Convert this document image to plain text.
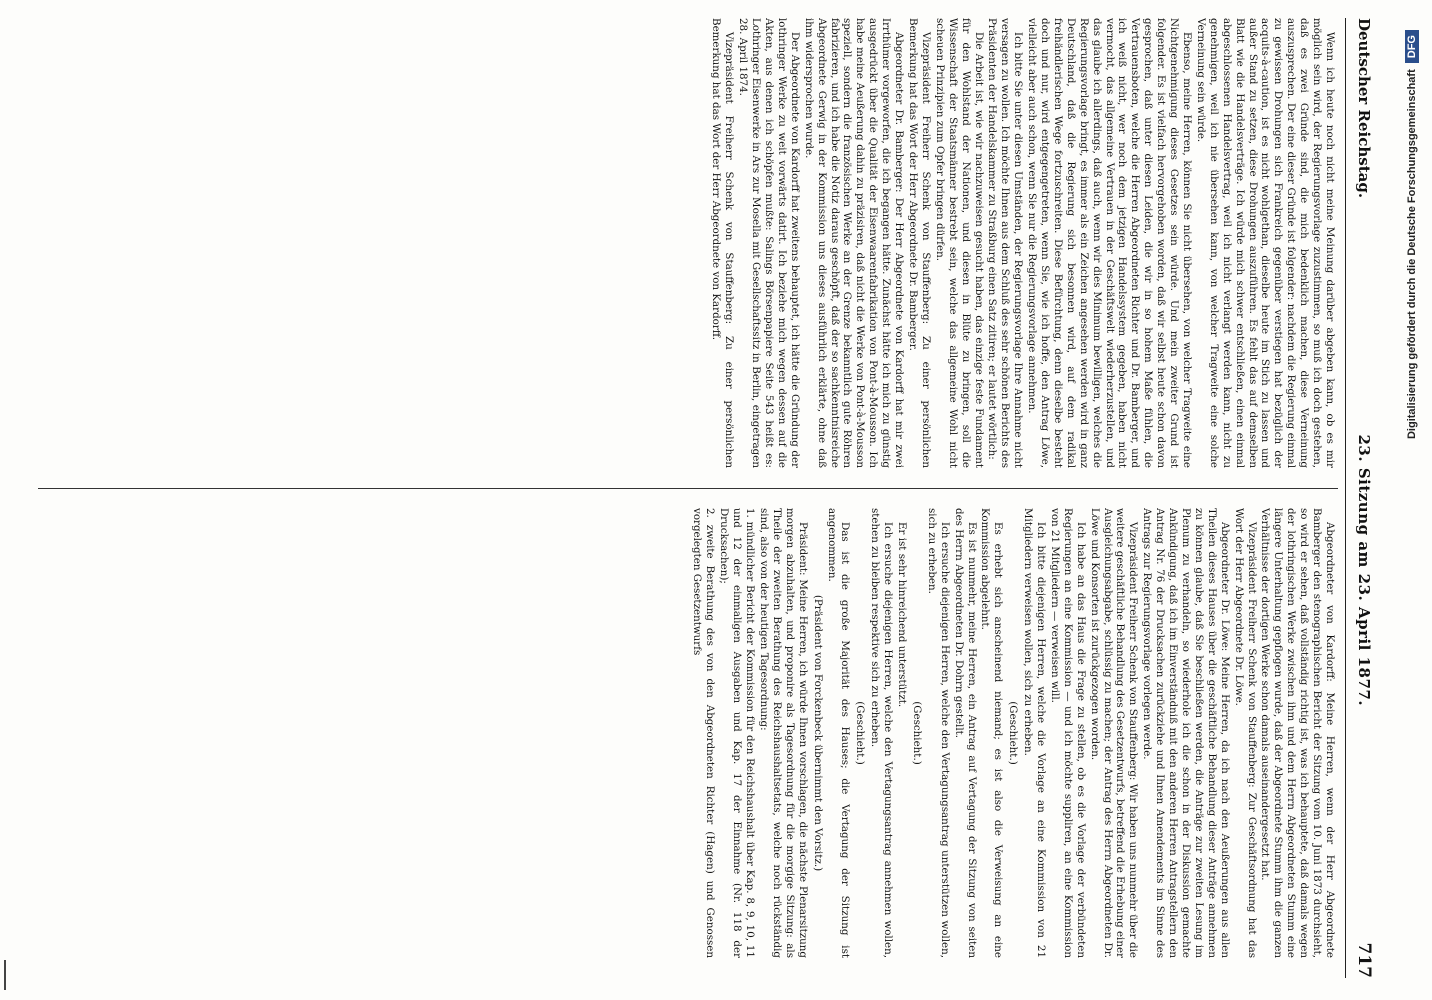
Deutscher Reichstag.
23. Sitzung am 23. April 1877.
717

Wenn ich heute noch nicht meine Meinung darüber abgeben kann, ob es mir möglich sein wird, der Regierungsvorlage zuzustimmen, so muß ich doch gestehen, daß es zwei Gründe sind, die mich bedenklich machen, diese Verneinung auszusprechen. Der eine dieser Gründe ist folgender: nachdem die Regierung einmal zu gewissen Drohungen sich Frankreich gegenüber verstiegen hat bezüglich der acquits-à-caution, ist es nicht wohlgethan, dieselbe heute im Stich zu lassen und außer Stand zu setzen, diese Drohungen auszuführen. Es fehlt das auf demselben Blatt wie die Handelsverträge. Ich würde mich schwer entschließen, einen einmal abgeschlossenen Handelsvertrag, weil ich nicht verlangt werden kann, nicht zu genehmigen, weil ich nie übersehen kann, von welcher Tragweite eine solche Verneinung sein würde.

Ebenso, meine Herren, können Sie nicht übersehen, von welcher Tragweite eine Nichtgenehmigung dieses Gesetzes sein würde. Und mein zweiter Grund ist folgender. Es ist vielfach hervorgehoben worden, daß wir selbst heute schon davon gesprochen, daß unter diesen Leiden, die wir in so hohem Maße fühlen, die Vertrauensboten, welche die Herren Abgeordneten Richter und Dr. Bamberger, und ich weiß nicht, wer noch dem jetzigen Handelssystem gegeben, haben nicht vermocht, das allgemeine Vertrauen in der Geschäftswelt wiederherzustellen, und das glaube ich allerdings, daß auch, wenn wir dies Minimum bewilligen, welches die Regierungsvorlage bringt, es immer als ein Zeichen angesehen werden wird in ganz Deutschland, daß die Regierung sich besonnen wird, auf dem radikal freihändlerischen Wege fortzuschreiten. Diese Befürchtung, denn dieselbe besteht doch und nur, wird entgegengetreten, wenn Sie, wie ich hoffe, den Antrag Löwe, vielleicht aber auch schon, wenn Sie nur die Regierungsvorlage annehmen.

Ich bitte Sie unter diesen Umständen, der Regierungsvorlage Ihre Annahme nicht versagen zu wollen. Ich möchte Ihnen aus dem Schluß des sehr schönen Berichts des Präsidenten der Handelskammer zu Straßburg einen Satz zitiren; er lautet wörtlich:

Die Arbeit ist, wie wir nachzuweisen gesucht haben, das einzige feste Fundament für den Wohlstand der Nationen, und diesen in Blüte zu bringen, soll die Wissenschaft der Staatsmänner bestrebt sein, welche das allgemeine Wohl nicht scheuen Prinzipien zum Opfer bringen dürfen.

Vizepräsident Freiherr Schenk von Stauffenberg: Zu einer persönlichen Bemerkung hat das Wort der Herr Abgeordnete Dr. Bamberger.

Abgeordneter Dr. Bamberger: Der Herr Abgeordnete von Kardorff hat mir zwei Irrthümer vorgeworfen, die ich begangen hätte. Zunächst hätte ich mich zu günstig ausgedrückt über die Qualität der Eisenwaarenfabrikation von Pont-à-Mousson. Ich habe meine Aeußerung dahin zu präzisiren, daß nicht die Werke von Pont-à-Mousson speziell, sondern die französischen Werke an der Grenze bekanntlich gute Röhren fabrizieren, und ich habe die Notiz daraus geschöpft, daß der so sachkenntnisreiche Abgeordnete Gerwig in der Kommission uns dieses ausführlich erklärte, ohne daß ihm widersprochen wurde.

Der Abgeordnete von Kardorff hat zweitens behauptet, ich hätte die Gründung der lothringer Werke zu weit vorwärts datirt. Ich beziehe mich wegen dessen auf die Akten, aus denen ich schöpfen mußte: Salings Börsenpapiere Seite 543 heißt es: Lothringer Eisenwerke in Ars zur Mosella mit Gesellschaftssitz in Berlin, eingetragen 28. April 1874.

Vizepräsident Freiherr Schenk von Stauffenberg: Zu einer persönlichen Bemerkung hat das Wort der Herr Abgeordnete von Kardorff.

Abgeordneter von Kardorff: Meine Herren, wenn der Herr Abgeordnete Bamberger den stenographischen Bericht der Sitzung vom 10. Juni 1873 durchsieht, so wird er sehen, daß vollständig richtig ist, was ich behauptete, daß damals wegen der lothringischen Werke zwischen ihm und dem Herrn Abgeordneten Stumm eine längere Unterhaltung gepflogen wurde, daß der Abgeordnete Stumm ihm die ganzen Verhältnisse der dortigen Werke schon damals auseinandergesetzt hat.

Vizepräsident Freiherr Schenk von Stauffenberg: Zur Geschäftsordnung hat das Wort der Herr Abgeordnete Dr. Löwe.

Abgeordneter Dr. Löwe: Meine Herren, da ich nach den Aeußerungen aus allen Theilen dieses Hauses über die geschäftliche Behandlung dieser Anträge annehmen zu können glaube, daß Sie beschließen werden, die Anträge zur zweiten Lesung im Plenum zu verhandeln, so wiederhole ich die schon in der Diskussion gemachte Ankündigung, daß ich im Einverständniß mit den anderen Herren Antragstellern den Antrag Nr. 76 der Drucksachen zurückziehe und Ihnen Amendements im Sinne des Antrags zur Regierungsvorlage vorlegen werde.

Vizepräsident Freiherr Schenk von Stauffenberg: Wir haben uns nunmehr über die weitere geschäftliche Behandlung des Gesetzentwurfs, betreffend die Erhebung einer Ausgleichungsabgabe, schlüssig zu machen; der Antrag des Herrn Abgeordneten Dr. Löwe und Konsorten ist zurückgezogen worden.

Ich habe an das Haus die Frage zu stellen, ob es die Vorlage der verbündeten Regierungen an eine Kommission — und ich möchte suppliren, an eine Kommission von 21 Mitgliedern — verweisen will.

Ich bitte diejenigen Herren, welche die Vorlage an eine Kommission von 21 Mitgliedern verweisen wollen, sich zu erheben.

(Geschieht.)

Es erhebt sich anscheinend niemand; es ist also die Verweisung an eine Kommission abgelehnt.

Es ist nunmehr, meine Herren, ein Antrag auf Vertagung der Sitzung von seiten des Herrn Abgeordneten Dr. Dohrn gestellt.

Ich ersuche diejenigen Herren, welche den Vertagungsantrag unterstützen wollen, sich zu erheben.

(Geschieht.)

Er ist sehr hinreichend unterstützt.

Ich ersuche diejenigen Herren, welche den Vertagungsantrag annehmen wollen, stehen zu bleiben respektive sich zu erheben.

(Geschieht.)

Das ist die große Majorität des Hauses; die Vertagung der Sitzung ist angenommen.

(Präsident von Forckenbeck übernimmt den Vorsitz.)

Präsident: Meine Herren, ich würde Ihnen vorschlagen, die nächste Plenarsitzung morgen abzuhalten, und proponire als Tagesordnung für die morgige Sitzung: als Theile der zweiten Berathung des Reichshaushaltsetats, welche noch rückständig sind, also von der heutigen Tagesordnung:

1. mündlicher Bericht der Kommission für den Reichshaushalt über Kap. 8, 9, 10, 11 und 12 der einmaligen Ausgaben und Kap. 17 der Einnahme (Nr. 118 der Drucksachen);

2. zweite Berathung des von den Abgeordneten Richter (Hagen) und Genossen vorgelegten Gesetzentwurfs

Digitalisierung gefördert durch die Deutsche Forschungsgemeinschaft
DFG
